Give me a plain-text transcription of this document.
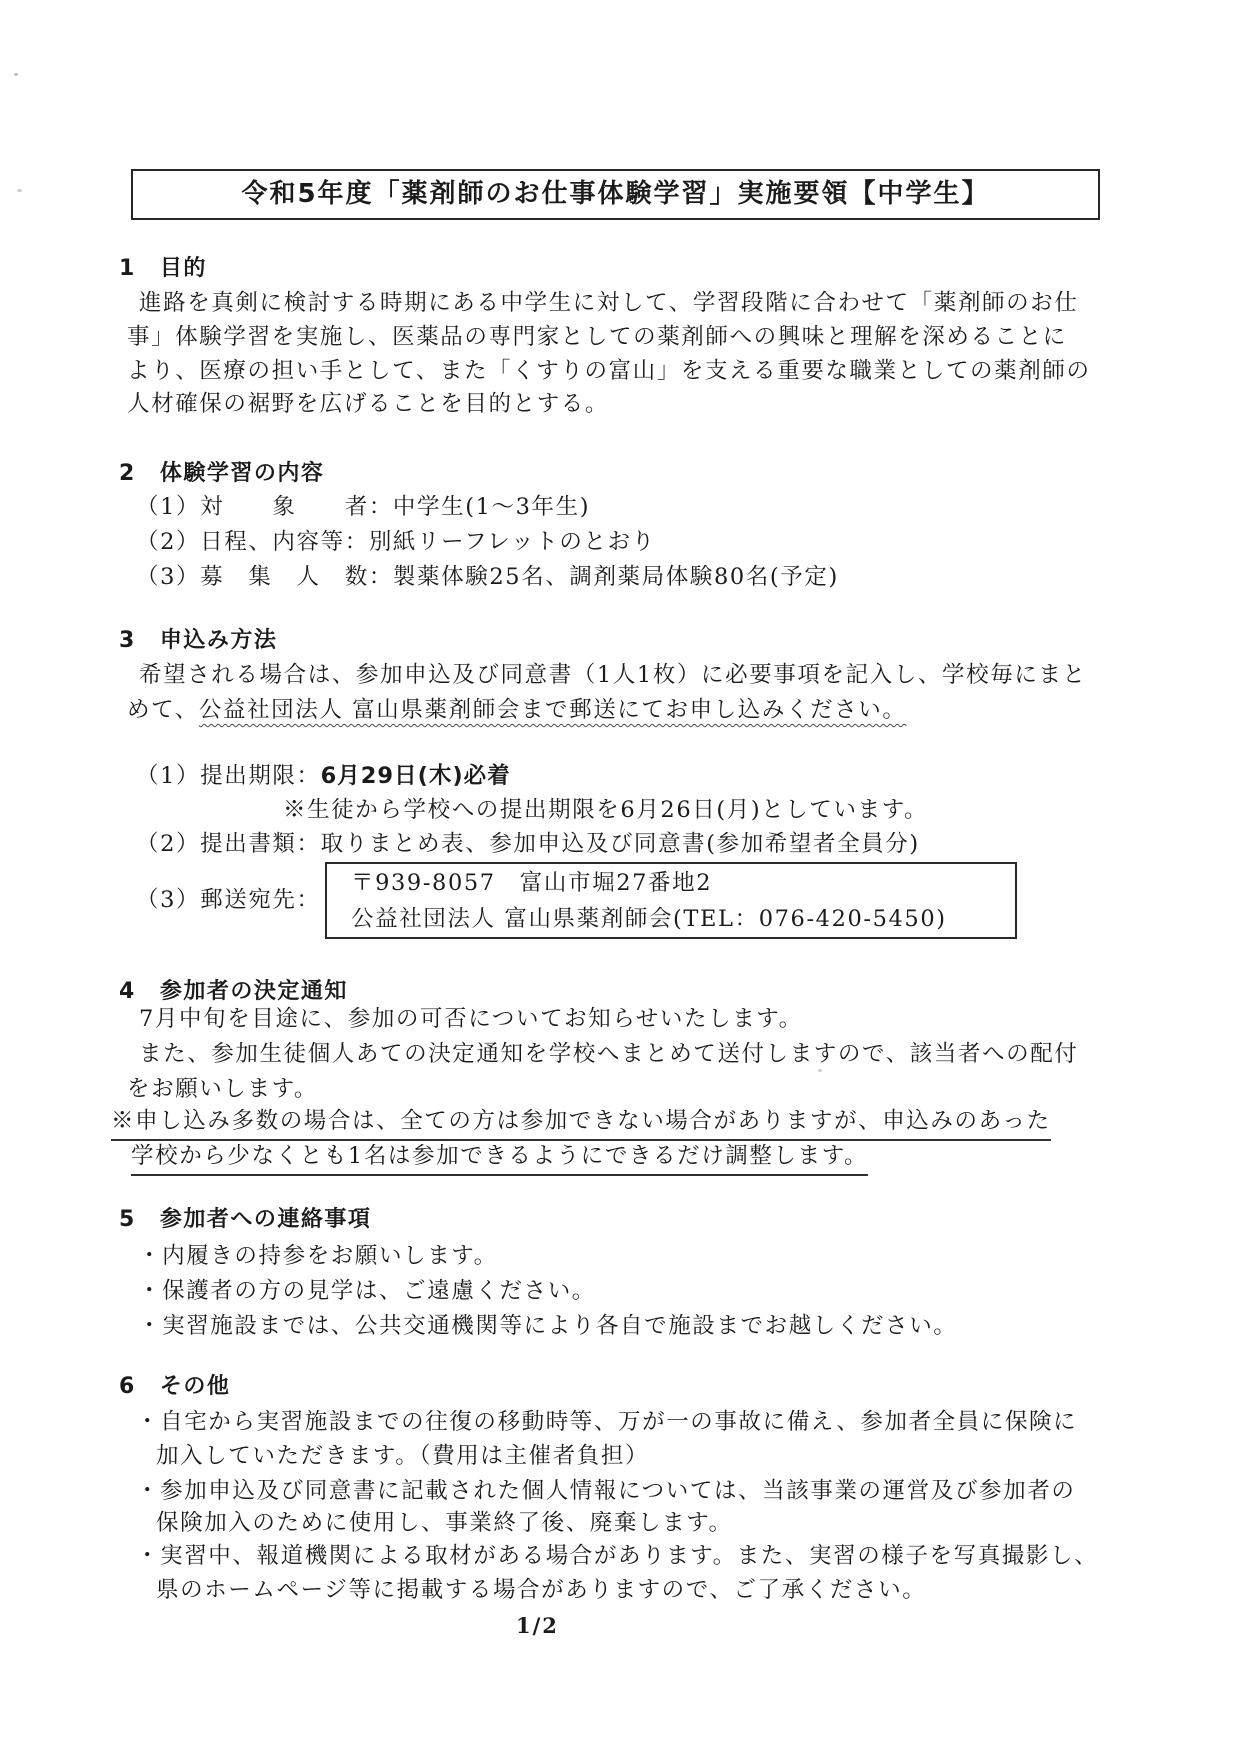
令和5年度「薬剤師のお仕事体験学習」実施要領【中学生】
1 目的
進路を真剣に検討する時期にある中学生に対して、学習段階に合わせて「薬剤師のお仕
事」体験学習を実施し、医薬品の専門家としての薬剤師への興味と理解を深めることに
より、医療の担い手として、また「くすりの富山」を支える重要な職業としての薬剤師の
人材確保の裾野を広げることを目的とする。
2 体験学習の内容
（1）対　　象　　者：中学生(1～3年生)
（2）日程、内容等：別紙リーフレットのとおり
（3）募　集　人　数：製薬体験25名、調剤薬局体験80名(予定)
3 申込み方法
希望される場合は、参加申込及び同意書（1人1枚）に必要事項を記入し、学校毎にまと
めて、公益社団法人 富山県薬剤師会まで郵送にてお申し込みください。
（1）提出期限：6月29日(木)必着
※生徒から学校への提出期限を6月26日(月)としています。
（2）提出書類：取りまとめ表、参加申込及び同意書(参加希望者全員分)
（3）郵送宛先：
〒939-8057　富山市堀27番地2
公益社団法人 富山県薬剤師会(TEL：076-420-5450)
4 参加者の決定通知
7月中旬を目途に、参加の可否についてお知らせいたします。
また、参加生徒個人あての決定通知を学校へまとめて送付しますので、該当者への配付
をお願いします。
※申し込み多数の場合は、全ての方は参加できない場合がありますが、申込みのあった
学校から少なくとも1名は参加できるようにできるだけ調整します。
5 参加者への連絡事項
・内履きの持参をお願いします。
・保護者の方の見学は、ご遠慮ください。
・実習施設までは、公共交通機関等により各自で施設までお越しください。
6 その他
・自宅から実習施設までの往復の移動時等、万が一の事故に備え、参加者全員に保険に
加入していただきます。（費用は主催者負担）
・参加申込及び同意書に記載された個人情報については、当該事業の運営及び参加者の
保険加入のために使用し、事業終了後、廃棄します。
・実習中、報道機関による取材がある場合があります。また、実習の様子を写真撮影し、
県のホームページ等に掲載する場合がありますので、ご了承ください。
1/2
